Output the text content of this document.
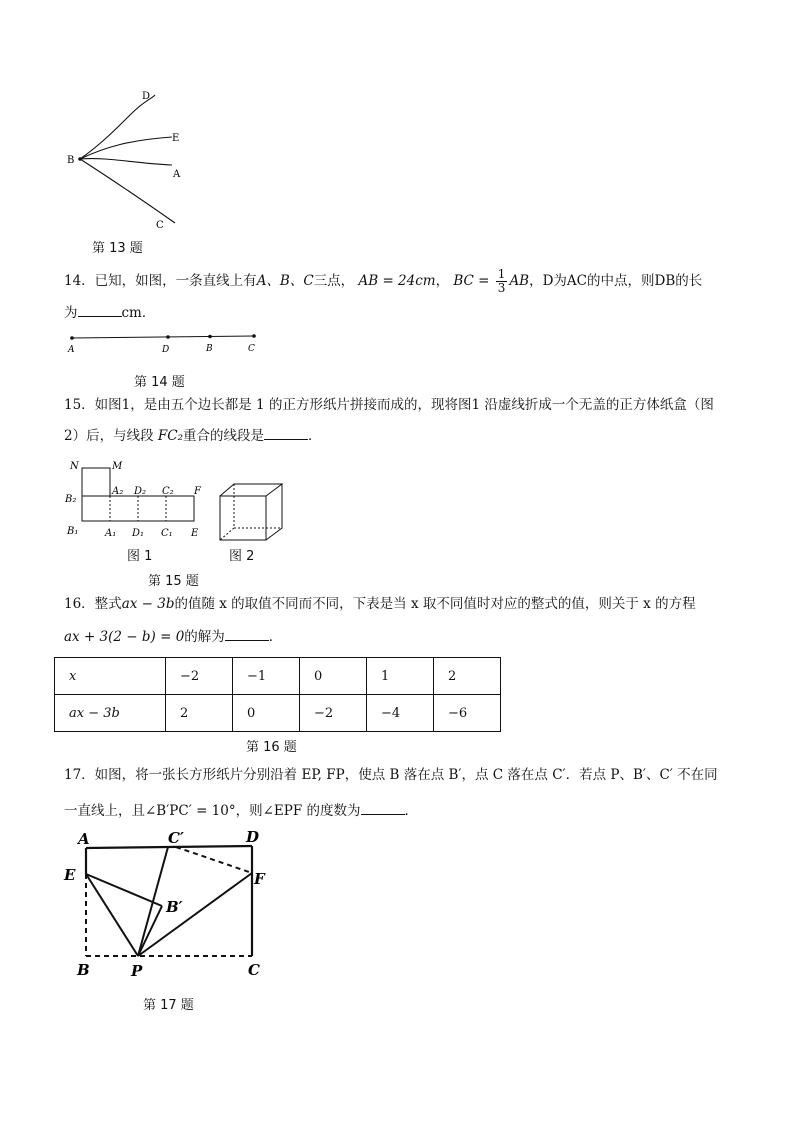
D
E
A
B
C
第 13 题
14．已知，如图，一条直线上有A、B、C三点， AB = 24cm， BC = $\frac{1}{3}$ AB，D为AC的中点，则DB的长
为	cm．
A	D	B	C
第 14 题
15．如图1，是由五个边长都是 1 的正方形纸片拼接而成的，现将图1 沿虚线折成一个无盖的正方体纸盒（图
2）后，与线段 FC₂重合的线段是	．
N	M
B₂
A₂ D₂ C₂ F
B₁	A₁ D₁ C₁ E
图 1	图 2
第 15 题
16．整式ax − 3b的值随 x 的取值不同而不同，下表是当 x 取不同值时对应的整式的值，则关于 x 的方程
ax + 3(2 − b) = 0的解为	．
x	−2	−1	0	1	2
ax − 3b	2	0	−2	−4	−6
第 16 题
17．如图，将一张长方形纸片分别沿着 EP, FP，使点 B 落在点 B′，点 C 落在点 C′．若点 P、B′、C′ 不在同
一直线上，且∠B′PC′ = 10°，则∠EPF 的度数为	．
A	C′	D
E	F
B′
B	P	C
第 17 题
